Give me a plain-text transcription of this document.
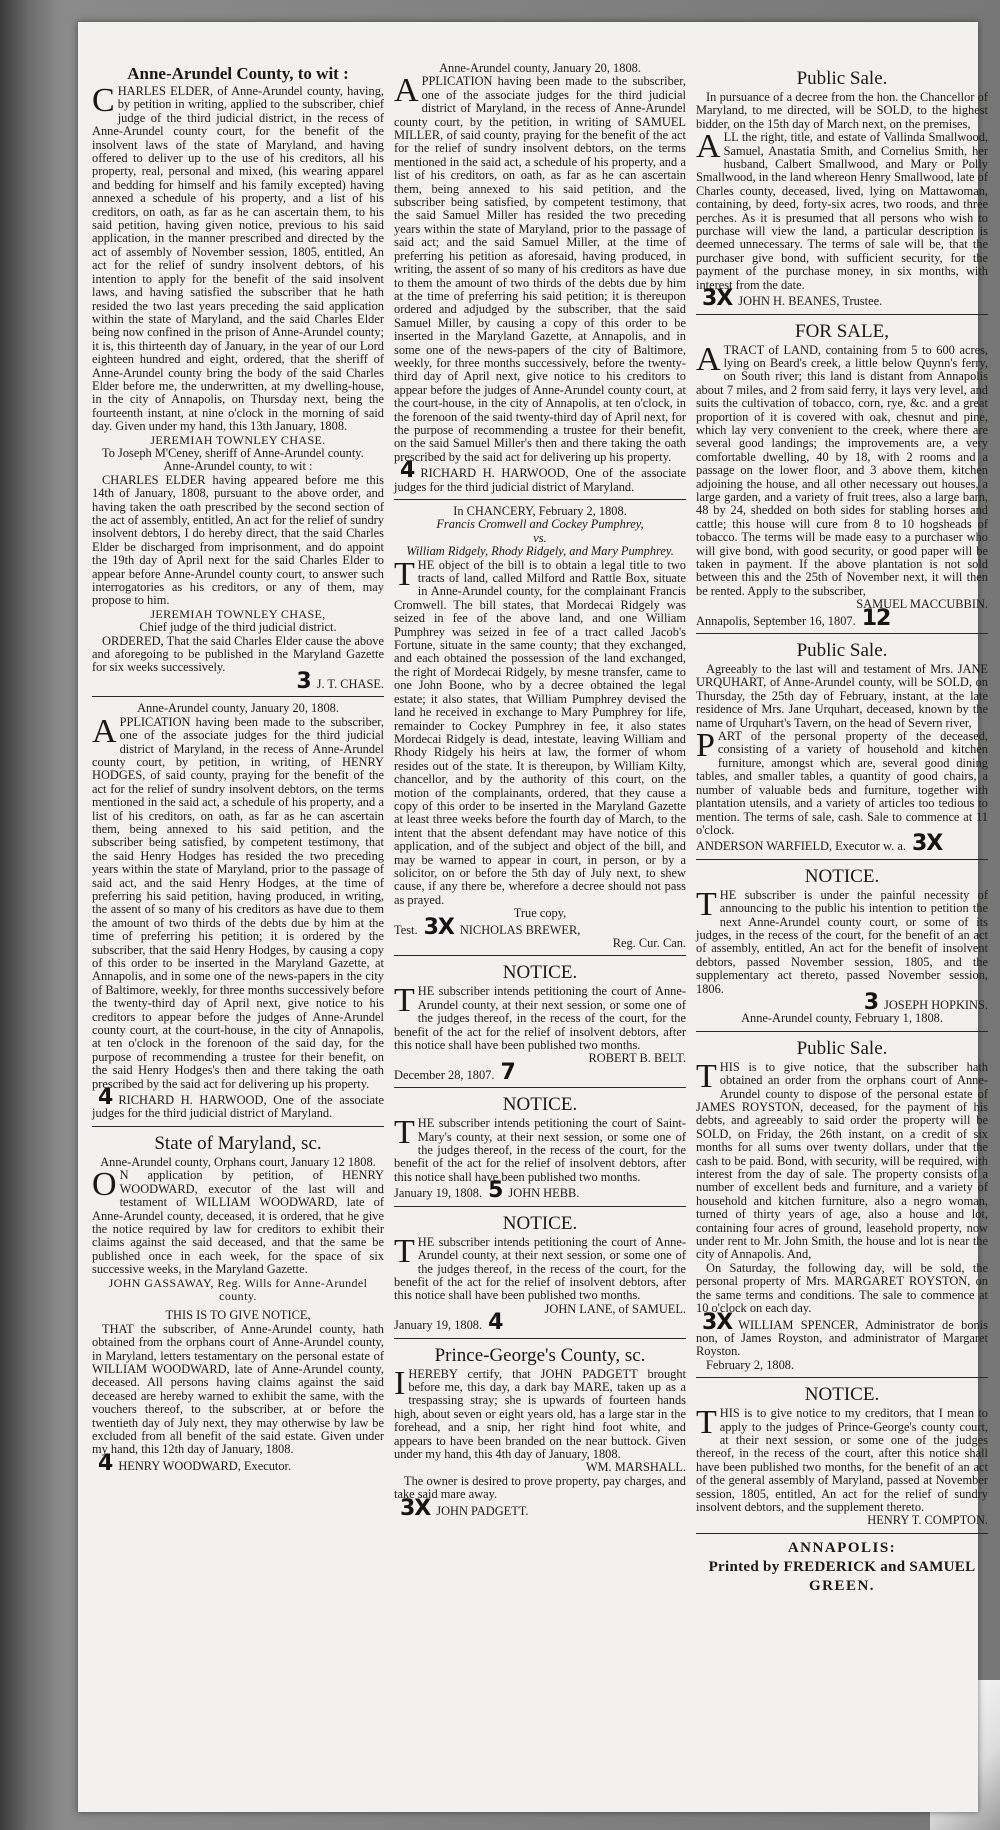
Anne-Arundel County, to wit :

CHARLES ELDER, of Anne-Arundel county, having, by petition in writing, applied to the subscriber, chief judge of the third judicial district, in the recess of Anne-Arundel county court, for the benefit of the insolvent laws of the state of Maryland, and having offered to deliver up to the use of his creditors, all his property, real, personal and mixed, (his wearing apparel and bedding for himself and his family excepted) having annexed a schedule of his property, and a list of his creditors, on oath, as far as he can ascertain them, to his said petition, having given notice, previous to his said application, in the manner prescribed and directed by the act of assembly of November session, 1805, entitled, An act for the relief of sundry insolvent debtors, of his intention to apply for the benefit of the said insolvent laws, and having satisfied the subscriber that he hath resided the two last years preceding the said application within the state of Maryland, and the said Charles Elder being now confined in the prison of Anne-Arundel county; it is, this thirteenth day of January, in the year of our Lord eighteen hundred and eight, ordered, that the sheriff of Anne-Arundel county bring the body of the said Charles Elder before me, the underwritten, at my dwelling-house, in the city of Annapolis, on Thursday next, being the fourteenth instant, at nine o'clock in the morning of said day. Given under my hand, this 13th January, 1808.

JEREMIAH TOWNLEY CHASE.

To Joseph M'Ceney, sheriff of Anne-Arundel county.

Anne-Arundel county, to wit :

CHARLES ELDER having appeared before me this 14th of January, 1808, pursuant to the above order, and having taken the oath prescribed by the second section of the act of assembly, entitled, An act for the relief of sundry insolvent debtors, I do hereby direct, that the said Charles Elder be discharged from imprisonment, and do appoint the 19th day of April next for the said Charles Elder to appear before Anne-Arundel county court, to answer such interrogatories as his creditors, or any of them, may propose to him.

JEREMIAH TOWNLEY CHASE,

Chief judge of the third judicial district.

ORDERED, That the said Charles Elder cause the above and aforegoing to be published in the Maryland Gazette for six weeks successively.

3 J. T. CHASE.

Anne-Arundel county, January 20, 1808.

APPLICATION having been made to the subscriber, one of the associate judges for the third judicial district of Maryland, in the recess of Anne-Arundel county court, by petition, in writing, of HENRY HODGES, of said county, praying for the benefit of the act for the relief of sundry insolvent debtors, on the terms mentioned in the said act, a schedule of his property, and a list of his creditors, on oath, as far as he can ascertain them, being annexed to his said petition, and the subscriber being satisfied, by competent testimony, that the said Henry Hodges has resided the two preceding years within the state of Maryland, prior to the passage of said act, and the said Henry Hodges, at the time of preferring his said petition, having produced, in writing, the assent of so many of his creditors as have due to them the amount of two thirds of the debts due by him at the time of preferring his petition; it is ordered by the subscriber, that the said Henry Hodges, by causing a copy of this order to be inserted in the Maryland Gazette, at Annapolis, and in some one of the news-papers in the city of Baltimore, weekly, for three months successively before the twenty-third day of April next, give notice to his creditors to appear before the judges of Anne-Arundel county court, at the court-house, in the city of Annapolis, at ten o'clock in the forenoon of the said day, for the purpose of recommending a trustee for their benefit, on the said Henry Hodges's then and there taking the oath prescribed by the said act for delivering up his property.

4 RICHARD H. HARWOOD, One of the associate judges for the third judicial district of Maryland.

State of Maryland, sc.

Anne-Arundel county, Orphans court, January 12 1808.

O N application by petition, of HENRY WOODWARD, executor of the last will and testament of WILLIAM WOODWARD, late of Anne-Arundel county, deceased, it is ordered, that he give the notice required by law for creditors to exhibit their claims against the said deceased, and that the same be published once in each week, for the space of six successive weeks, in the Maryland Gazette.

JOHN GASSAWAY, Reg. Wills for Anne-Arundel county.

THIS IS TO GIVE NOTICE,

THAT the subscriber, of Anne-Arundel county, hath obtained from the orphans court of Anne-Arundel county, in Maryland, letters testamentary on the personal estate of WILLIAM WOODWARD, late of Anne-Arundel county, deceased. All persons having claims against the said deceased are hereby warned to exhibit the same, with the vouchers thereof, to the subscriber, at or before the twentieth day of July next, they may otherwise by law be excluded from all benefit of the said estate. Given under my hand, this 12th day of January, 1808.

4 HENRY WOODWARD, Executor.

Anne-Arundel county, January 20, 1808.

APPLICATION having been made to the subscriber, one of the associate judges for the third judicial district of Maryland, in the recess of Anne-Arundel county court, by the petition, in writing of SAMUEL MILLER, of said county, praying for the benefit of the act for the relief of sundry insolvent debtors, on the terms mentioned in the said act, a schedule of his property, and a list of his creditors, on oath, as far as he can ascertain them, being annexed to his said petition, and the subscriber being satisfied, by competent testimony, that the said Samuel Miller has resided the two preceding years within the state of Maryland, prior to the passage of said act; and the said Samuel Miller, at the time of preferring his petition as aforesaid, having produced, in writing, the assent of so many of his creditors as have due to them the amount of two thirds of the debts due by him at the time of preferring his said petition; it is thereupon ordered and adjudged by the subscriber, that the said Samuel Miller, by causing a copy of this order to be inserted in the Maryland Gazette, at Annapolis, and in some one of the news-papers of the city of Baltimore, weekly, for three months successively, before the twenty-third day of April next, give notice to his creditors to appear before the judges of Anne-Arundel county court, at the court-house, in the city of Annapolis, at ten o'clock, in the forenoon of the said twenty-third day of April next, for the purpose of recommending a trustee for their benefit, on the said Samuel Miller's then and there taking the oath prescribed by the said act for delivering up his property.

4 RICHARD H. HARWOOD, One of the associate judges for the third judicial district of Maryland.

In CHANCERY, February 2, 1808.

Francis Cromwell and Cockey Pumphrey,

vs.

William Ridgely, Rhody Ridgely, and Mary Pumphrey.

THE object of the bill is to obtain a legal title to two tracts of land, called Milford and Rattle Box, situate in Anne-Arundel county, for the complainant Francis Cromwell. The bill states, that Mordecai Ridgely was seized in fee of the above land, and one William Pumphrey was seized in fee of a tract called Jacob's Fortune, situate in the same county; that they exchanged, and each obtained the possession of the land exchanged, the right of Mordecai Ridgely, by mesne transfer, came to one John Boone, who by a decree obtained the legal estate; it also states, that William Pumphrey devised the land he received in exchange to Mary Pumphrey for life, remainder to Cockey Pumphrey in fee, it also states Mordecai Ridgely is dead, intestate, leaving William and Rhody Ridgely his heirs at law, the former of whom resides out of the state. It is thereupon, by William Kilty, chancellor, and by the authority of this court, on the motion of the complainants, ordered, that they cause a copy of this order to be inserted in the Maryland Gazette at least three weeks before the fourth day of March, to the intent that the absent defendant may have notice of this application, and of the subject and object of the bill, and may be warned to appear in court, in person, or by a solicitor, on or before the 5th day of July next, to shew cause, if any there be, wherefore a decree should not pass as prayed.

True copy,

Test. 3X NICHOLAS BREWER,

Reg. Cur. Can.

NOTICE.

THE subscriber intends petitioning the court of Anne-Arundel county, at their next session, or some one of the judges thereof, in the recess of the court, for the benefit of the act for the relief of insolvent debtors, after this notice shall have been published two months.

ROBERT B. BELT.

December 28, 1807. 7

NOTICE.

THE subscriber intends petitioning the court of Saint-Mary's county, at their next session, or some one of the judges thereof, in the recess of the court, for the benefit of the act for the relief of insolvent debtors, after this notice shall have been published two months.

January 19, 1808. 5 JOHN HEBB.

NOTICE.

THE subscriber intends petitioning the court of Anne-Arundel county, at their next session, or some one of the judges thereof, in the recess of the court, for the benefit of the act for the relief of insolvent debtors, after this notice shall have been published two months.

JOHN LANE, of SAMUEL.

January 19, 1808. 4

Prince-George's County, sc.

IHEREBY certify, that JOHN PADGETT brought before me, this day, a dark bay MARE, taken up as a trespassing stray; she is upwards of fourteen hands high, about seven or eight years old, has a large star in the forehead, and a snip, her right hind foot white, and appears to have been branded on the near buttock. Given under my hand, this 4th day of January, 1808.

WM. MARSHALL.

The owner is desired to prove property, pay charges, and take said mare away.

3X JOHN PADGETT.

Public Sale.

In pursuance of a decree from the hon. the Chancellor of Maryland, to me directed, will be SOLD, to the highest bidder, on the 15th day of March next, on the premises,

ALL the right, title, and estate of Vallinda Smallwood, Samuel, Anastatia Smith, and Cornelius Smith, her husband, Calbert Smallwood, and Mary or Polly Smallwood, in the land whereon Henry Smallwood, late of Charles county, deceased, lived, lying on Mattawoman, containing, by deed, forty-six acres, two roods, and three perches. As it is presumed that all persons who wish to purchase will view the land, a particular description is deemed unnecessary. The terms of sale will be, that the purchaser give bond, with sufficient security, for the payment of the purchase money, in six months, with interest from the date.

3X JOHN H. BEANES, Trustee.

FOR SALE,

ATRACT of LAND, containing from 5 to 600 acres, lying on Beard's creek, a little below Quynn's ferry, on South river; this land is distant from Annapolis about 7 miles, and 2 from said ferry, it lays very level, and suits the cultivation of tobacco, corn, rye, &c. and a great proportion of it is covered with oak, chesnut and pine, which lay very convenient to the creek, where there are several good landings; the improvements are, a very comfortable dwelling, 40 by 18, with 2 rooms and a passage on the lower floor, and 3 above them, kitchen adjoining the house, and all other necessary out houses, a large garden, and a variety of fruit trees, also a large barn, 48 by 24, shedded on both sides for stabling horses and cattle; this house will cure from 8 to 10 hogsheads of tobacco. The terms will be made easy to a purchaser who will give bond, with good security, or good paper will be taken in payment. If the above plantation is not sold between this and the 25th of November next, it will then be rented. Apply to the subscriber,

SAMUEL MACCUBBIN.

Annapolis, September 16, 1807. 12

Public Sale.

Agreeably to the last will and testament of Mrs. JANE URQUHART, of Anne-Arundel county, will be SOLD, on Thursday, the 25th day of February, instant, at the late residence of Mrs. Jane Urquhart, deceased, known by the name of Urquhart's Tavern, on the head of Severn river,

PART of the personal property of the deceased, consisting of a variety of household and kitchen furniture, amongst which are, several good dining tables, and smaller tables, a quantity of good chairs, a number of valuable beds and furniture, together with plantation utensils, and a variety of articles too tedious to mention. The terms of sale, cash. Sale to commence at 11 o'clock.

ANDERSON WARFIELD, Executor w. a. 3X

NOTICE.

THE subscriber is under the painful necessity of announcing to the public his intention to petition the next Anne-Arundel county court, or some of its judges, in the recess of the court, for the benefit of an act of assembly, entitled, An act for the benefit of insolvent debtors, passed November session, 1805, and the supplementary act thereto, passed November session, 1806.

3 JOSEPH HOPKINS.

Anne-Arundel county, February 1, 1808.

Public Sale.

THIS is to give notice, that the subscriber hath obtained an order from the orphans court of Anne-Arundel county to dispose of the personal estate of JAMES ROYSTON, deceased, for the payment of his debts, and agreeably to said order the property will be SOLD, on Friday, the 26th instant, on a credit of six months for all sums over twenty dollars, under that the cash to be paid. Bond, with security, will be required, with interest from the day of sale. The property consists of a number of excellent beds and furniture, and a variety of household and kitchen furniture, also a negro woman, turned of thirty years of age, also a house and lot, containing four acres of ground, leasehold property, now under rent to Mr. John Smith, the house and lot is near the city of Annapolis. And,

On Saturday, the following day, will be sold, the personal property of Mrs. MARGARET ROYSTON, on the same terms and conditions. The sale to commence at 10 o'clock on each day.

3X WILLIAM SPENCER, Administrator de bonis non, of James Royston, and administrator of Margaret Royston.

February 2, 1808.

NOTICE.

THIS is to give notice to my creditors, that I mean to apply to the judges of Prince-George's county court, at their next session, or some one of the judges thereof, in the recess of the court, after this notice shall have been published two months, for the benefit of an act of the general assembly of Maryland, passed at November session, 1805, entitled, An act for the relief of sundry insolvent debtors, and the supplement thereto.

HENRY T. COMPTON.

ANNAPOLIS:

Printed by FREDERICK and SAMUEL

GREEN.
